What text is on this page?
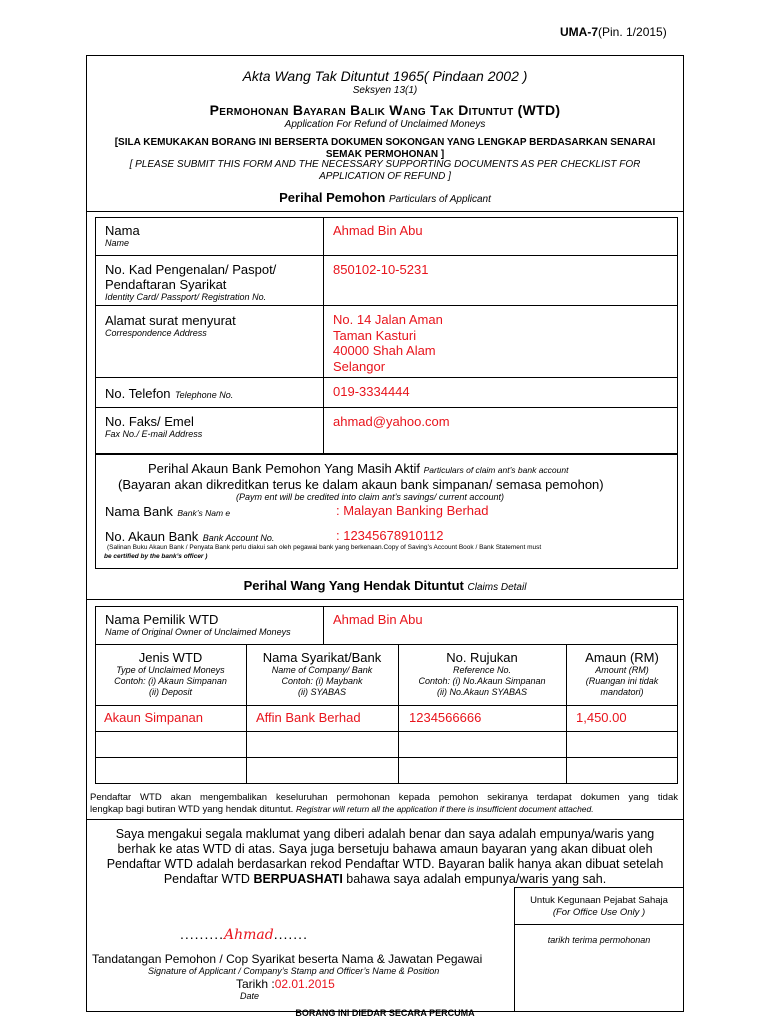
UMA-7(Pin. 1/2015)
Akta Wang Tak Dituntut 1965( Pindaan 2002 )
Seksyen 13(1)
Permohonan Bayaran Balik Wang Tak Dituntut (WTD)
Application For Refund of Unclaimed Moneys
[SILA KEMUKAKAN BORANG INI BERSERTA DOKUMEN SOKONGAN YANG LENGKAP BERDASARKAN SENARAI SEMAK PERMOHONAN ]
[ PLEASE SUBMIT THIS FORM AND THE NECESSARY SUPPORTING DOCUMENTS AS PER CHECKLIST FOR APPLICATION OF REFUND ]
Perihal Pemohon Particulars of Applicant
Nama
Name
Ahmad Bin Abu
No. Kad Pengenalan/ Paspot/
Pendaftaran Syarikat
Identity Card/ Passport/ Registration No.
850102-10-5231
Alamat surat menyurat
Correspondence Address
No. 14 Jalan Aman
Taman Kasturi
40000 Shah Alam
Selangor
No. Telefon Telephone No.	019-3334444
No. Faks/ Emel
Fax No./ E-mail Address
ahmad@yahoo.com
Perihal Akaun Bank Pemohon Yang Masih Aktif Particulars of claim ant’s bank account
(Bayaran akan dikreditkan terus ke dalam akaun bank simpanan/ semasa pemohon)
(Paym ent will be credited into claim ant’s savings/ current account)
Nama Bank Bank’s Nam e	: Malayan Banking Berhad
No. Akaun Bank Bank Account No.	: 12345678910112
(Salinan Buku Akaun Bank / Penyata Bank perlu diakui sah oleh pegawai bank yang berkenaan.Copy of Saving’s Account Book / Bank Statement must
be certified by the bank’s officer )
Perihal Wang Yang Hendak Dituntut Claims Detail
Nama Pemilik WTD
Name of Original Owner of Unclaimed Moneys
Ahmad Bin Abu
Jenis WTD
Type of Unclaimed Moneys
Contoh: (i) Akaun Simpanan
(ii) Deposit
Nama Syarikat/Bank
Name of Company/ Bank
Contoh: (i) Maybank
(ii) SYABAS
No. Rujukan
Reference No.
Contoh: (i) No.Akaun Simpanan
(ii) No.Akaun SYABAS
Amaun (RM)
Amount (RM)
(Ruangan ini tidak
mandatori)
Akaun Simpanan	Affin Bank Berhad	1234566666	1,450.00
Pendaftar WTD akan mengembalikan keseluruhan permohonan kepada pemohon sekiranya terdapat dokumen yang tidak
lengkap bagi butiran WTD yang hendak dituntut. Registrar will return all the application if there is insufficient document attached.
Saya mengakui segala maklumat yang diberi adalah benar dan saya adalah empunya/waris yang
berhak ke atas WTD di atas. Saya juga bersetuju bahawa amaun bayaran yang akan dibuat oleh
Pendaftar WTD adalah berdasarkan rekod Pendaftar WTD. Bayaran balik hanya akan dibuat setelah
Pendaftar WTD BERPUASHATI bahawa saya adalah empunya/waris yang sah.
Untuk Kegunaan Pejabat Sahaja
(For Office Use Only )
tarikh terima permohonan
.........Ahmad.......
Tandatangan Pemohon / Cop Syarikat beserta Nama & Jawatan Pegawai
Signature of Applicant / Company’s Stamp and Officer’s Name & Position
Tarikh :02.01.2015
Date
BORANG INI DIEDAR SECARA PERCUMA
